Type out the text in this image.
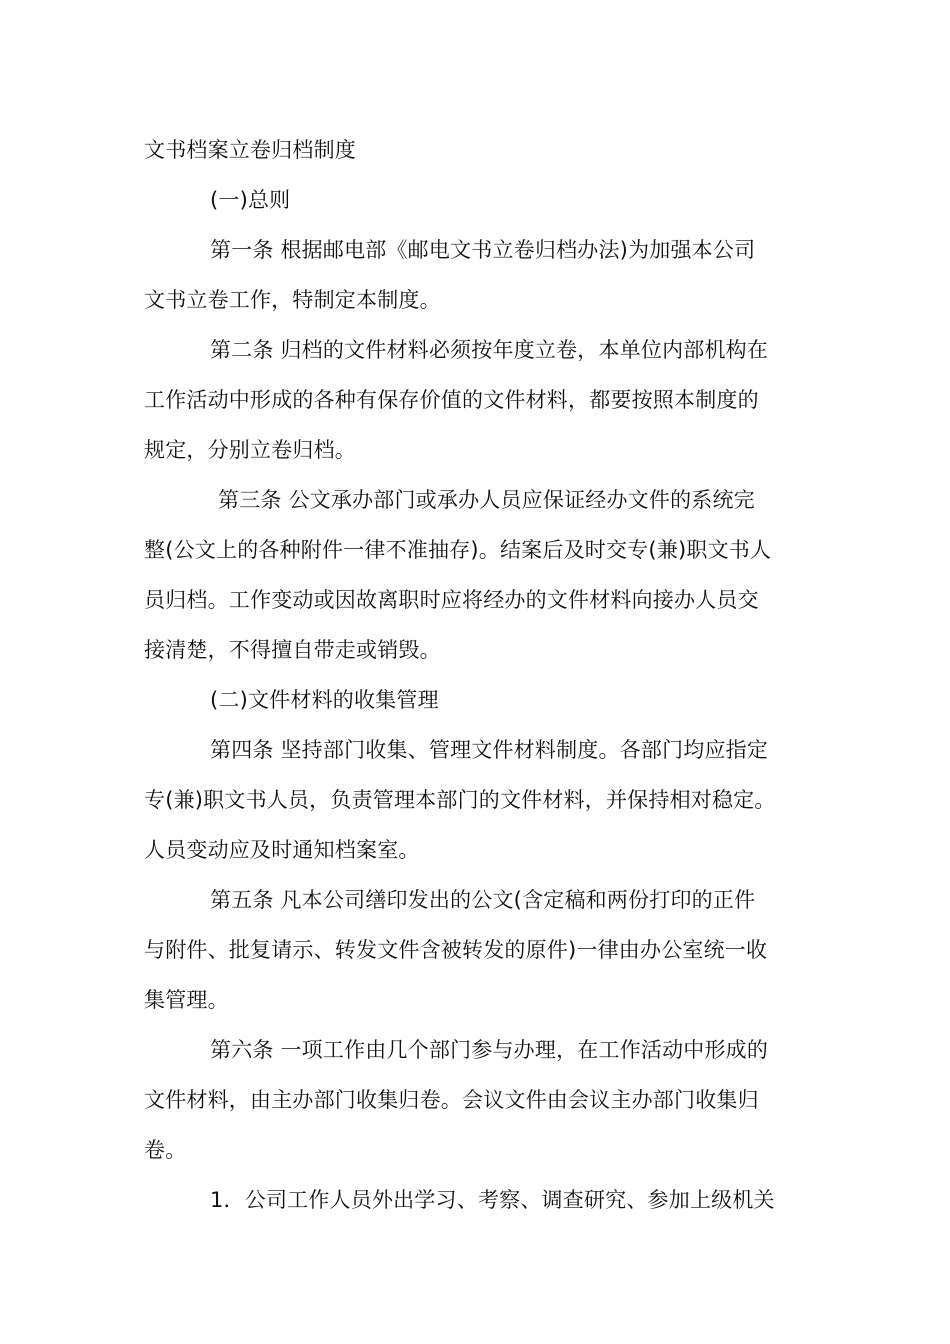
文书档案立卷归档制度
(一)总则
第一条 根据邮电部《邮电文书立卷归档办法)为加强本公司
文书立卷工作，特制定本制度。
第二条 归档的文件材料必须按年度立卷，本单位内部机构在
工作活动中形成的各种有保存价值的文件材料，都要按照本制度的
规定，分别立卷归档。
第三条 公文承办部门或承办人员应保证经办文件的系统完
整(公文上的各种附件一律不准抽存)。结案后及时交专(兼)职文书人
员归档。工作变动或因故离职时应将经办的文件材料向接办人员交
接清楚，不得擅自带走或销毁。
(二)文件材料的收集管理
第四条 坚持部门收集、管理文件材料制度。各部门均应指定
专(兼)职文书人员，负责管理本部门的文件材料，并保持相对稳定。
人员变动应及时通知档案室。
第五条 凡本公司缮印发出的公文(含定稿和两份打印的正件
与附件、批复请示、转发文件含被转发的原件)一律由办公室统一收
集管理。
第六条 一项工作由几个部门参与办理，在工作活动中形成的
文件材料，由主办部门收集归卷。会议文件由会议主办部门收集归
卷。
1．公司工作人员外出学习、考察、调查研究、参加上级机关
